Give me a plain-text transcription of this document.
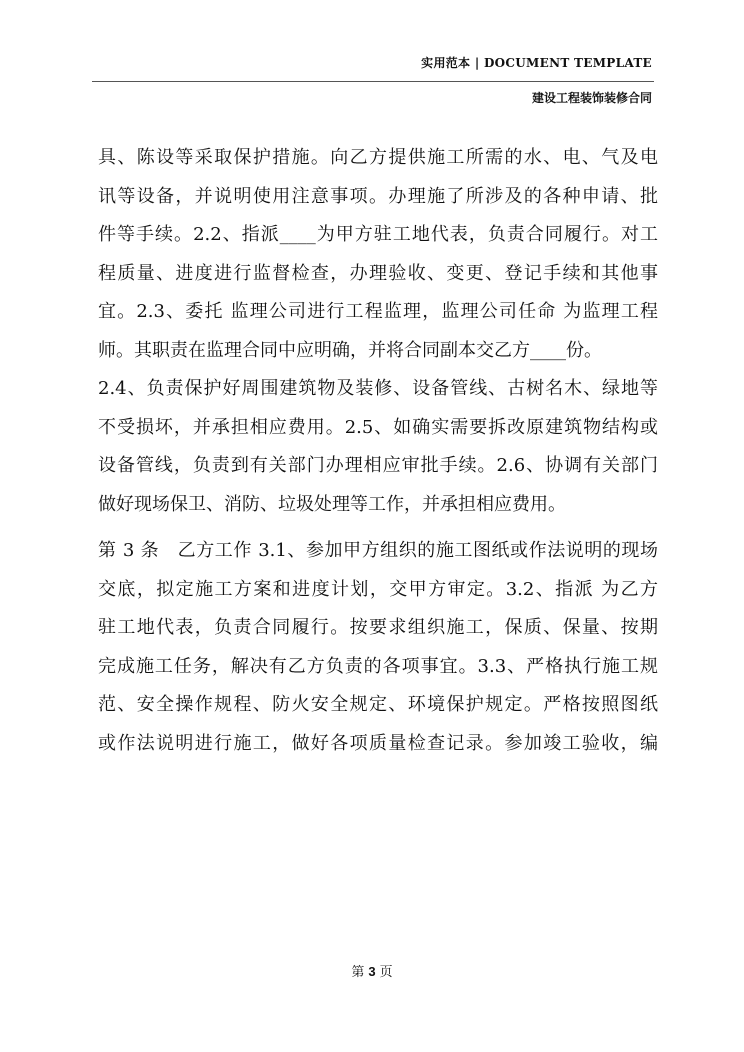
实用范本 | DOCUMENT TEMPLATE
建设工程装饰装修合同
具、陈设等采取保护措施。向乙方提供施工所需的水、电、气及电
讯等设备，并说明使用注意事项。办理施了所涉及的各种申请、批
件等手续。2.2、指派____为甲方驻工地代表，负责合同履行。对工
程质量、进度进行监督检查，办理验收、变更、登记手续和其他事
宜。2.3、委托 监理公司进行工程监理，监理公司任命 为监理工程
师。其职责在监理合同中应明确，并将合同副本交乙方____份。
2.4、负责保护好周围建筑物及装修、设备管线、古树名木、绿地等
不受损坏，并承担相应费用。2.5、如确实需要拆改原建筑物结构或
设备管线，负责到有关部门办理相应审批手续。2.6、协调有关部门
做好现场保卫、消防、垃圾处理等工作，并承担相应费用。
第 3 条　乙方工作 3.1、参加甲方组织的施工图纸或作法说明的现场
交底，拟定施工方案和进度计划，交甲方审定。3.2、指派 为乙方
驻工地代表，负责合同履行。按要求组织施工，保质、保量、按期
完成施工任务，解决有乙方负责的各项事宜。3.3、严格执行施工规
范、安全操作规程、防火安全规定、环境保护规定。严格按照图纸
或作法说明进行施工，做好各项质量检查记录。参加竣工验收，编
第 3 页
